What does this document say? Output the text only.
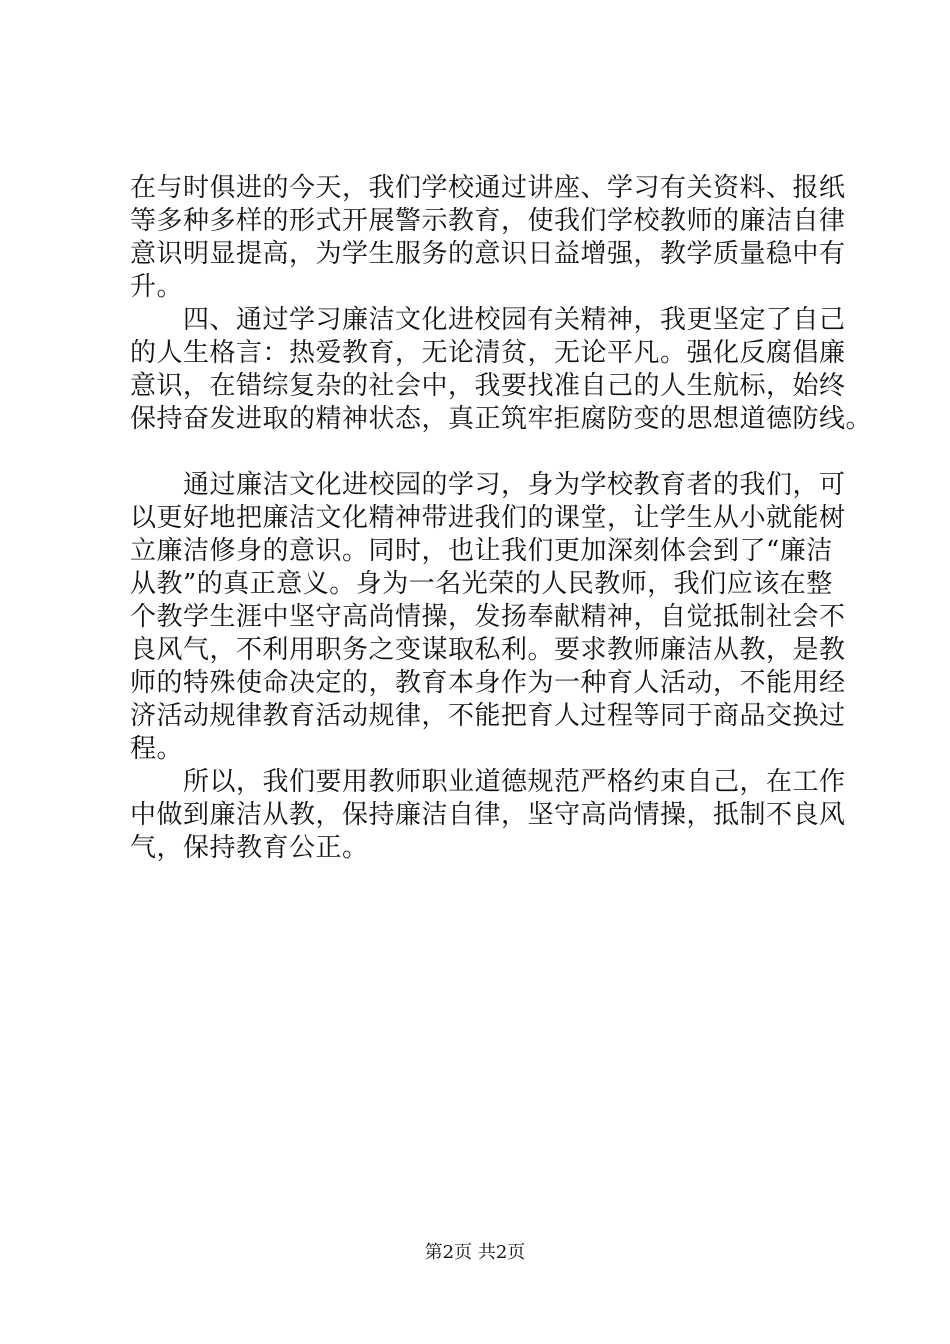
在与时俱进的今天，我们学校通过讲座、学习有关资料、报纸
等多种多样的形式开展警示教育，使我们学校教师的廉洁自律
意识明显提高，为学生服务的意识日益增强，教学质量稳中有
升。
　　四、通过学习廉洁文化进校园有关精神，我更坚定了自己
的人生格言：热爱教育，无论清贫，无论平凡。强化反腐倡廉
意识，在错综复杂的社会中，我要找准自己的人生航标，始终
保持奋发进取的精神状态，真正筑牢拒腐防变的思想道德防线。
　　通过廉洁文化进校园的学习，身为学校教育者的我们，可
以更好地把廉洁文化精神带进我们的课堂，让学生从小就能树
立廉洁修身的意识。同时，也让我们更加深刻体会到了“廉洁
从教”的真正意义。身为一名光荣的人民教师，我们应该在整
个教学生涯中坚守高尚情操，发扬奉献精神，自觉抵制社会不
良风气，不利用职务之变谋取私利。要求教师廉洁从教，是教
师的特殊使命决定的，教育本身作为一种育人活动，不能用经
济活动规律教育活动规律，不能把育人过程等同于商品交换过
程。
　　所以，我们要用教师职业道德规范严格约束自己，在工作
中做到廉洁从教，保持廉洁自律，坚守高尚情操，抵制不良风
气，保持教育公正。
第2页 共2页
